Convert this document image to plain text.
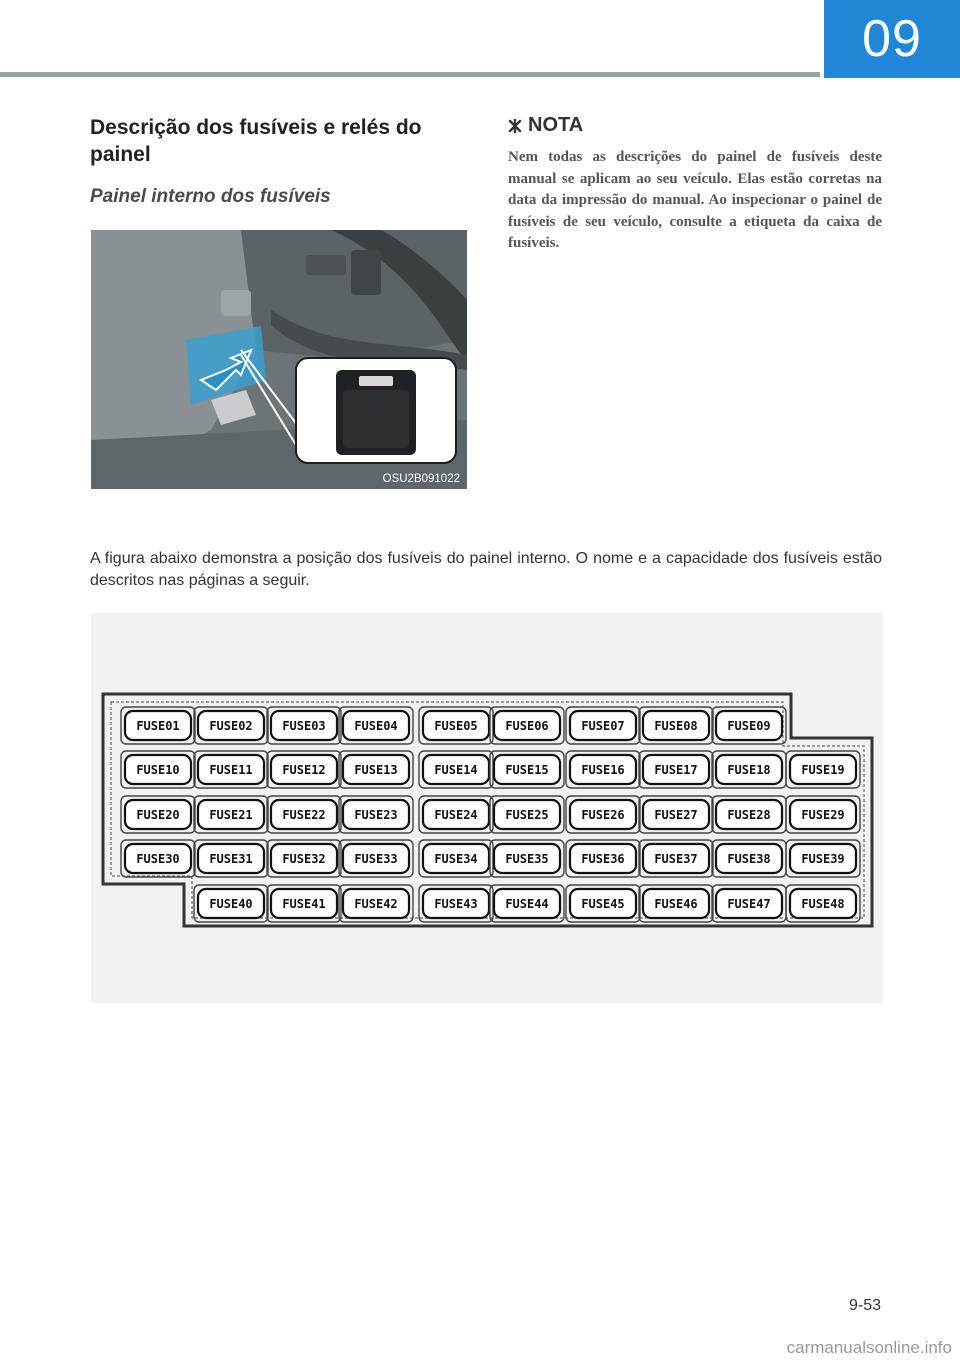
09
Descrição dos fusíveis e relés do painel
Painel interno dos fusíveis
OSU2B091022
NOTA

Nem todas as descrições do painel de fusíveis deste manual se aplicam ao seu veículo. Elas estão corretas na data da impressão do manual. Ao inspecionar o painel de fusíveis de seu veículo, consulte a etiqueta da caixa de fusíveis.

A figura abaixo demonstra a posição dos fusíveis do painel interno. O nome e a capacidade dos fusíveis estão descritos nas páginas a seguir.

FUSE01 FUSE02 FUSE03 FUSE04	FUSE05 FUSE06	FUSE07 FUSE08 FUSE09
FUSE10 FUSE11 FUSE12 FUSE13	FUSE14 FUSE15	FUSE16 FUSE17 FUSE18	FUSE19
FUSE20 FUSE21 FUSE22 FUSE23	FUSE24 FUSE25	FUSE26 FUSE27 FUSE28	FUSE29
FUSE30 FUSE31 FUSE32 FUSE33	FUSE34 FUSE35	FUSE36 FUSE37 FUSE38	FUSE39
FUSE40 FUSE41 FUSE42	FUSE43 FUSE44	FUSE45 FUSE46 FUSE47	FUSE48
9-53
carmanualsonline.info
